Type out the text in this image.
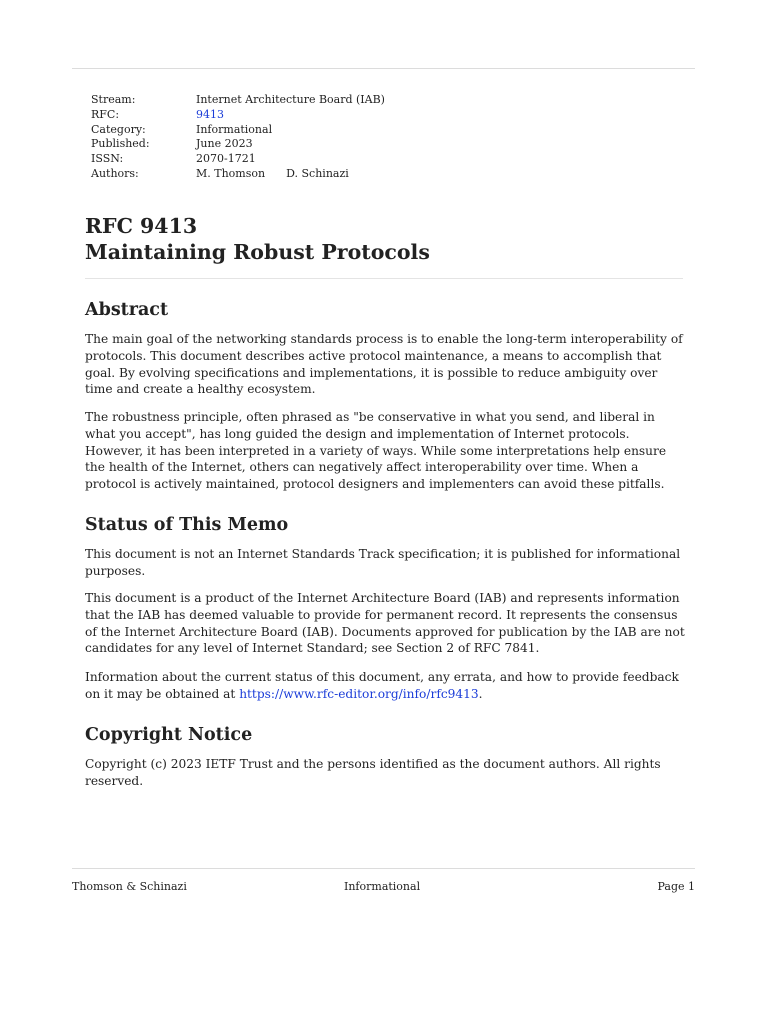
Stream:	Internet Architecture Board (IAB)
RFC:	9413
Category:	Informational
Published:	June 2023
ISSN:	2070-1721
Authors:	M. Thomson D. Schinazi
RFC 9413
Maintaining Robust Protocols
Abstract

The main goal of the networking standards process is to enable the long-term interoperability of protocols. This document describes active protocol maintenance, a means to accomplish that goal. By evolving specifications and implementations, it is possible to reduce ambiguity over time and create a healthy ecosystem.

The robustness principle, often phrased as "be conservative in what you send, and liberal in what you accept", has long guided the design and implementation of Internet protocols. However, it has been interpreted in a variety of ways. While some interpretations help ensure the health of the Internet, others can negatively affect interoperability over time. When a protocol is actively maintained, protocol designers and implementers can avoid these pitfalls.

Status of This Memo

This document is not an Internet Standards Track specification; it is published for informational purposes.

This document is a product of the Internet Architecture Board (IAB) and represents information that the IAB has deemed valuable to provide for permanent record. It represents the consensus of the Internet Architecture Board (IAB). Documents approved for publication by the IAB are not candidates for any level of Internet Standard; see Section 2 of RFC 7841.

Information about the current status of this document, any errata, and how to provide feedback on it may be obtained at https://www.rfc-editor.org/info/rfc9413.

Copyright Notice

Copyright (c) 2023 IETF Trust and the persons identified as the document authors. All rights reserved.

Thomson & Schinazi	Informational	Page 1
